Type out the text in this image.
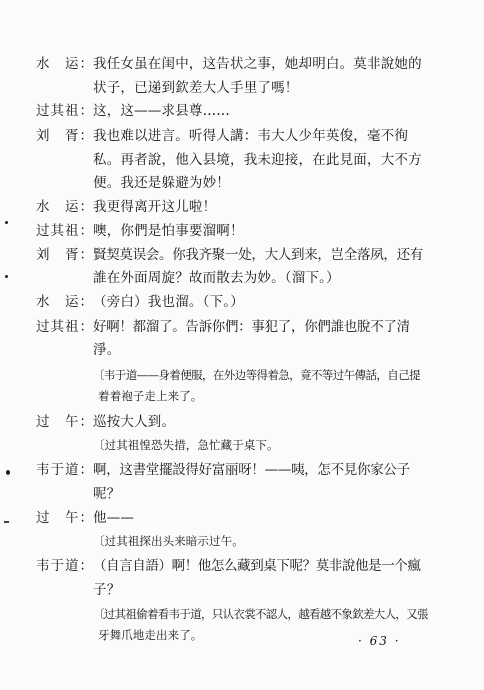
水　运： 我任女虽在闺中，这告状之事，她却明白。莫非說她的
状子，已递到欽差大人手里了嗎！
过其祖： 这，这——求县尊……
刘　胥： 我也难以进言。听得人講：韦大人少年英俊，毫不徇
私。再者說，他入县境，我未迎接，在此見面，大不方
便。我还是躲避为妙！
水　运： 我更得离开这儿啦！
过其祖： 噢，你們是怕事要溜啊！
刘　胥： 賢契莫误会。你我齐聚一处，大人到来，岂全落夙，还有
誰在外面周旋？故而散去为妙。（溜下。）
水　运： （旁白）我也溜。（下。）
过其祖： 好啊！都溜了。告訴你們：事犯了，你們誰也脫不了清
淨。
〔韦于道——身着便服，在外边等得着急，竟不等过午傳話，自己提
着着袍子走上来了。
过　午： 巡按大人到。
〔过其祖惶恐失措，急忙藏于桌下。
韦于道： 啊，这書堂擺設得好富丽呀！——咦，怎不見你家公子
呢？
过　午： 他——
〔过其祖探出头来暗示过午。
韦于道： （自言自語）啊！他怎么藏到桌下呢？莫非說他是一个瘋
子？
〔过其祖偷着看韦于道，只认衣裳不認人，越看越不象欽差大人，又張
牙舞爪地走出来了。	· 63 ·
